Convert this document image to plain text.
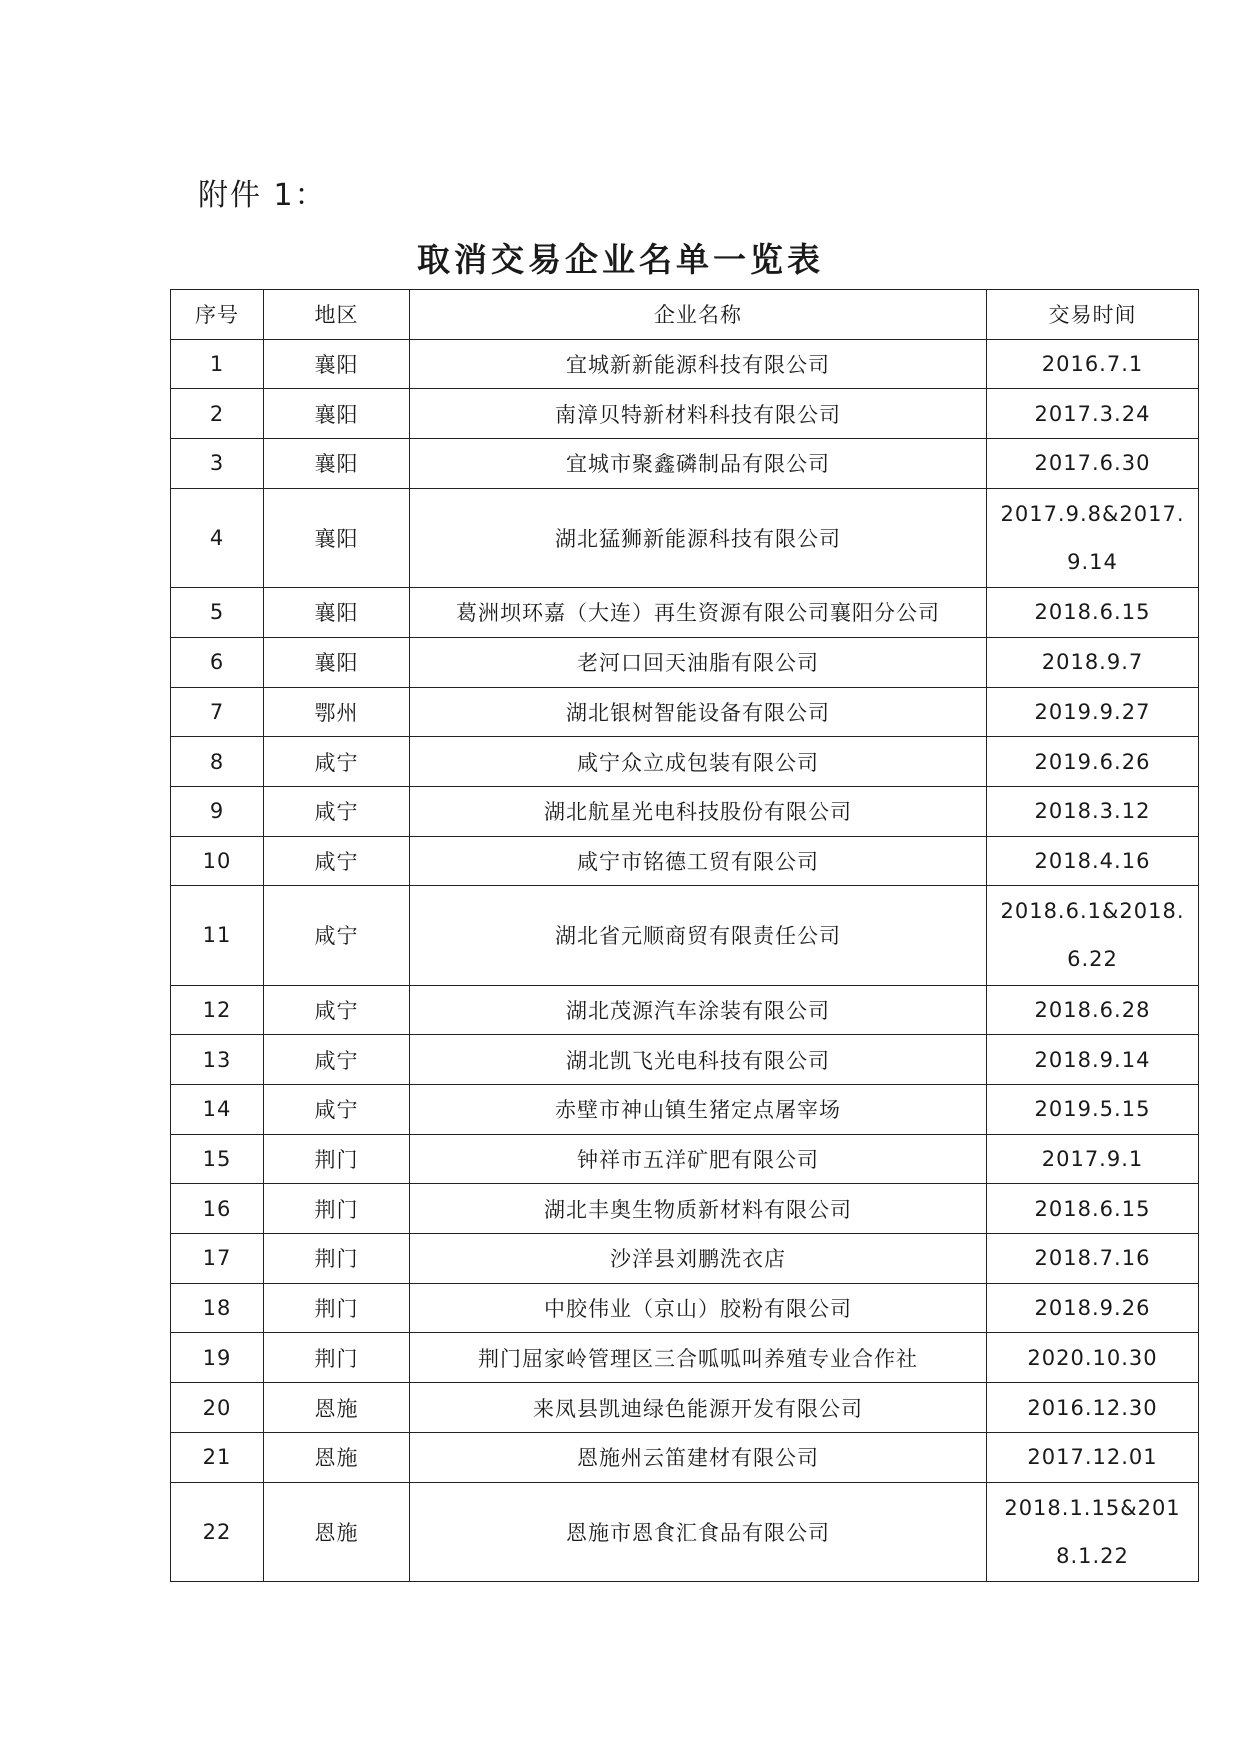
附件 1：
取消交易企业名单一览表
序号	地区	企业名称	交易时间
1	襄阳	宜城新新能源科技有限公司	2016.7.1
2	襄阳	南漳贝特新材料科技有限公司	2017.3.24
3	襄阳	宜城市聚鑫磷制品有限公司	2017.6.30
4	襄阳	湖北猛狮新能源科技有限公司	2017.9.8&2017.9.14
5	襄阳	葛洲坝环嘉（大连）再生资源有限公司襄阳分公司	2018.6.15
6	襄阳	老河口回天油脂有限公司	2018.9.7
7	鄂州	湖北银树智能设备有限公司	2019.9.27
8	咸宁	咸宁众立成包装有限公司	2019.6.26
9	咸宁	湖北航星光电科技股份有限公司	2018.3.12
10	咸宁	咸宁市铭德工贸有限公司	2018.4.16
11	咸宁	湖北省元顺商贸有限责任公司	2018.6.1&2018.6.22
12	咸宁	湖北茂源汽车涂装有限公司	2018.6.28
13	咸宁	湖北凯飞光电科技有限公司	2018.9.14
14	咸宁	赤壁市神山镇生猪定点屠宰场	2019.5.15
15	荆门	钟祥市五洋矿肥有限公司	2017.9.1
16	荆门	湖北丰奥生物质新材料有限公司	2018.6.15
17	荆门	沙洋县刘鹏洗衣店	2018.7.16
18	荆门	中胶伟业（京山）胶粉有限公司	2018.9.26
19	荆门	荆门屈家岭管理区三合呱呱叫养殖专业合作社	2020.10.30
20	恩施	来凤县凯迪绿色能源开发有限公司	2016.12.30
21	恩施	恩施州云笛建材有限公司	2017.12.01
22	恩施	恩施市恩食汇食品有限公司	2018.1.15&2018.1.22
